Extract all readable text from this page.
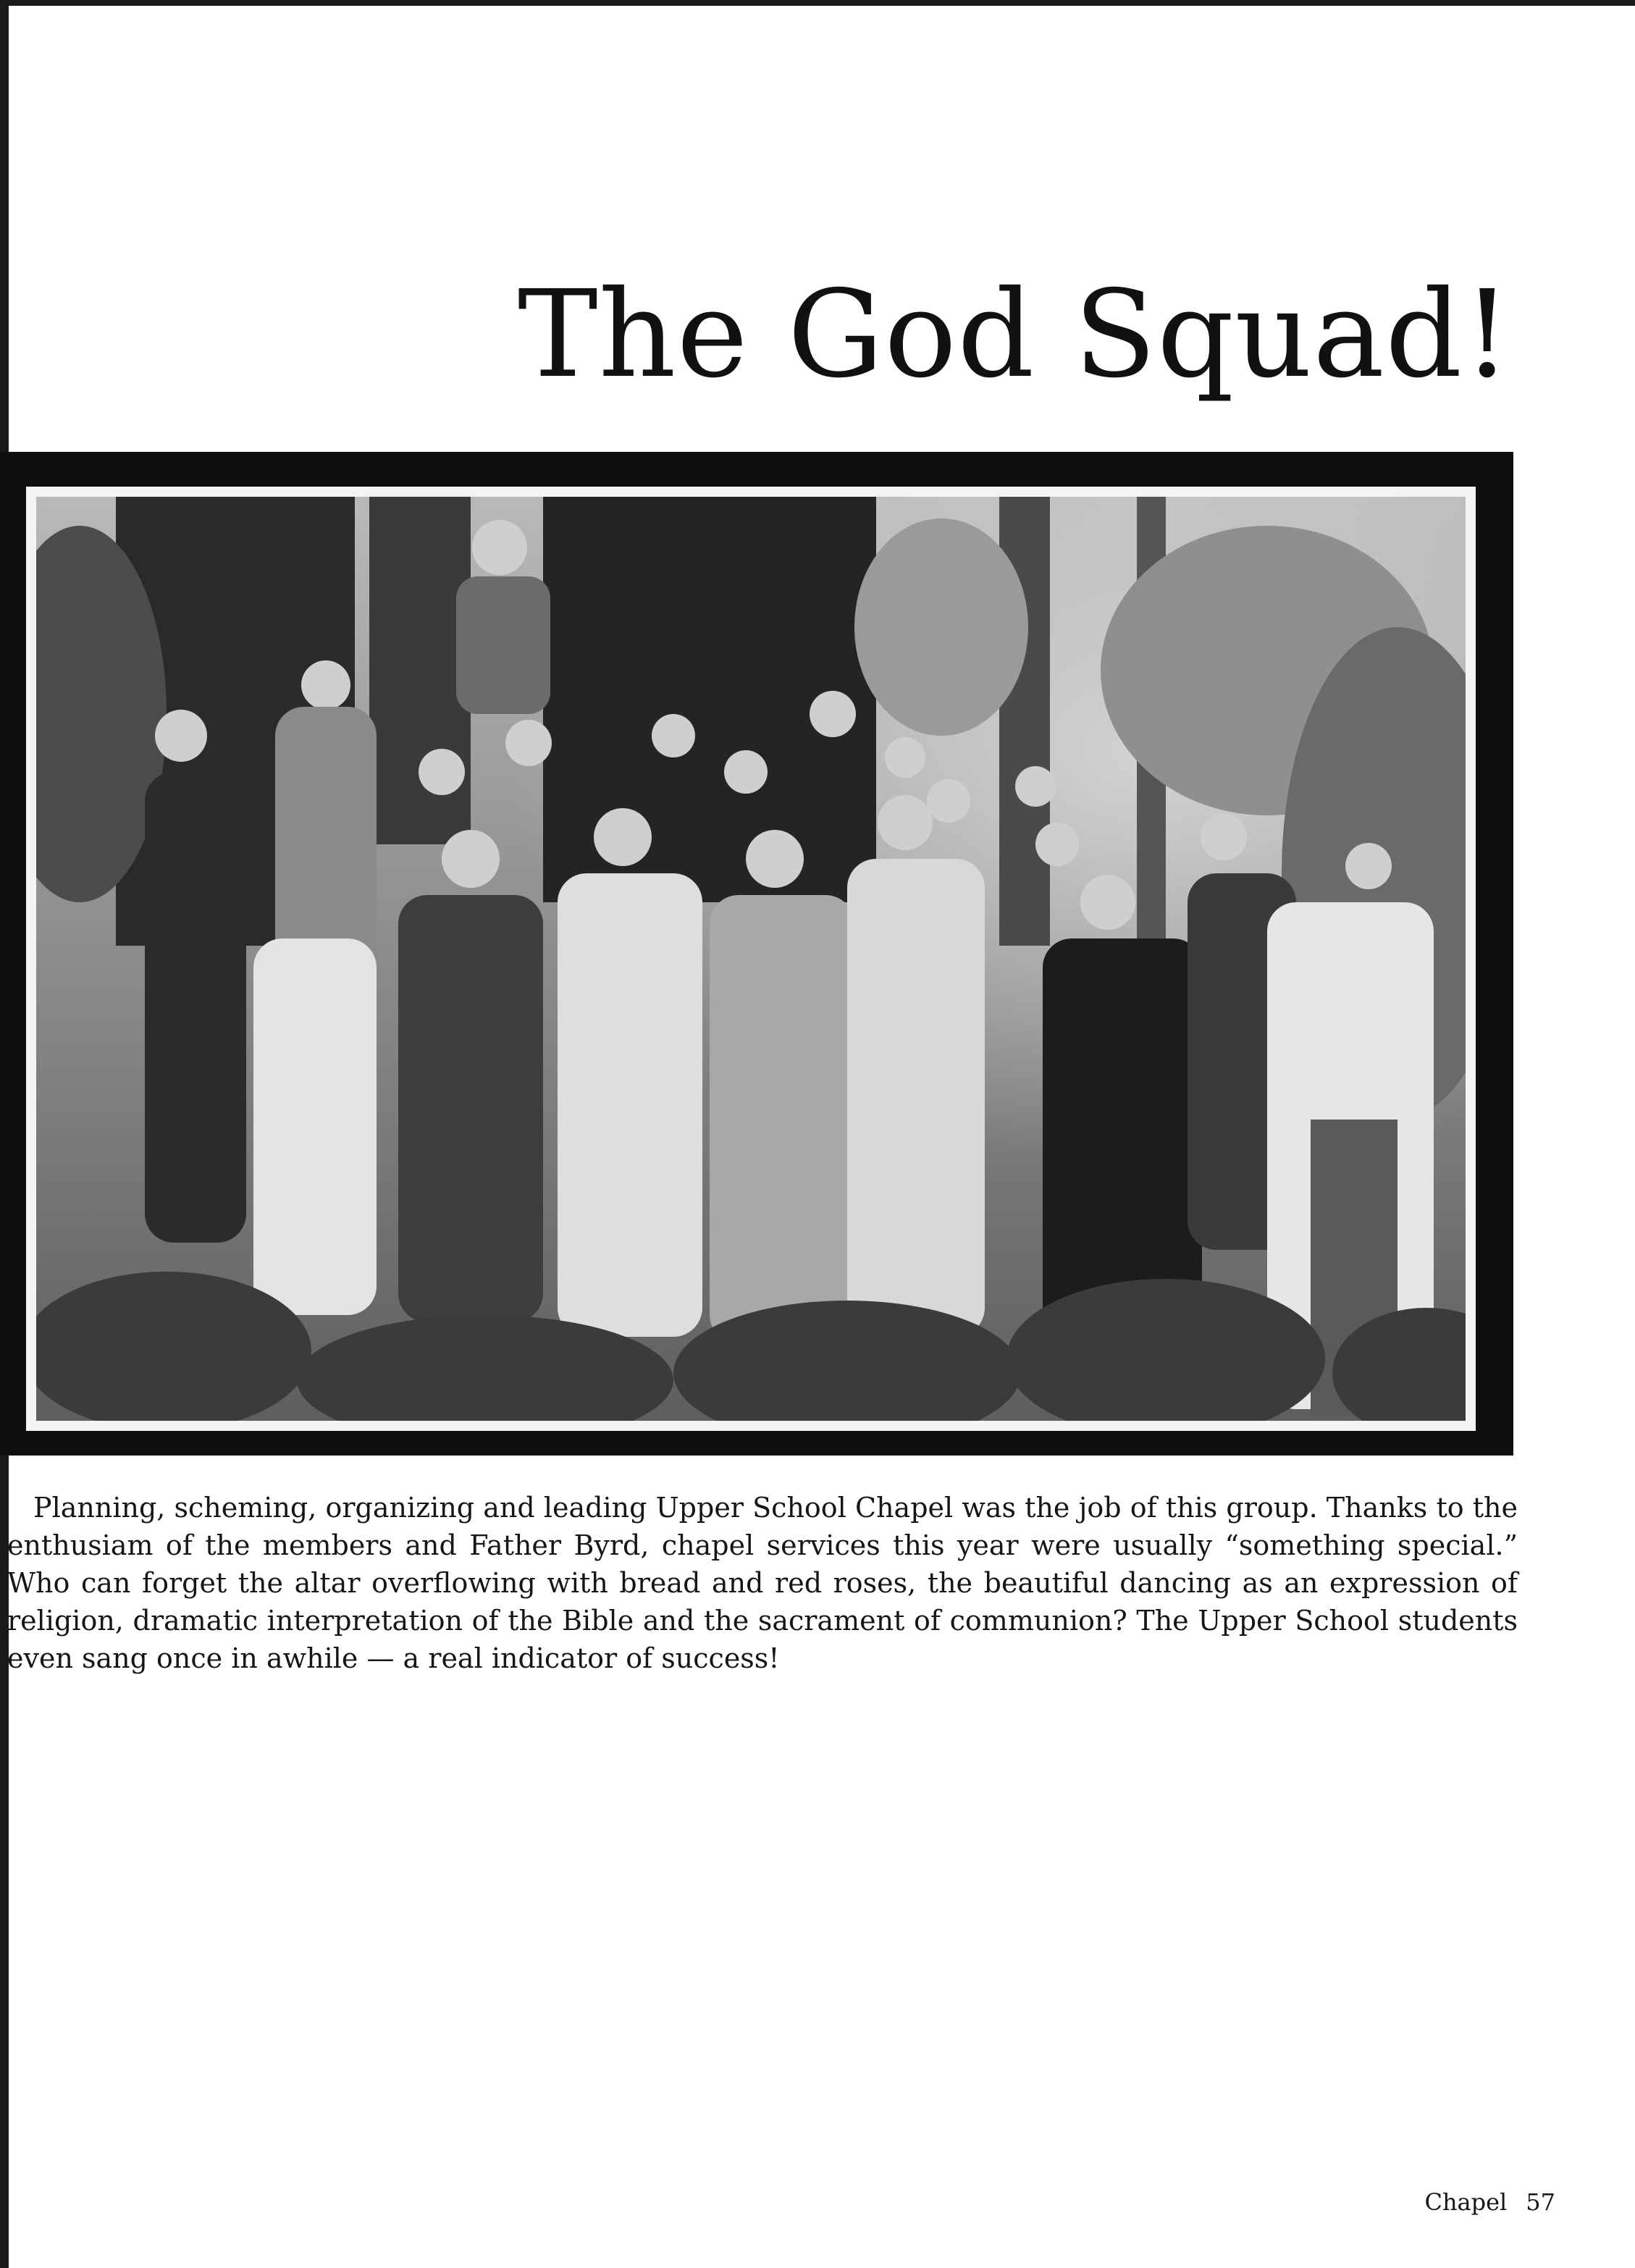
The God Squad!

Planning, scheming, organizing and leading Upper School Chapel was the job of this group. Thanks to the enthusiam of the members and Father Byrd, chapel services this year were usually “something special.” Who can forget the altar overflowing with bread and red roses, the beautiful dancing as an expression of religion, dramatic interpretation of the Bible and the sacrament of communion? The Upper School students even sang once in awhile — a real indicator of success!

Chapel 57
